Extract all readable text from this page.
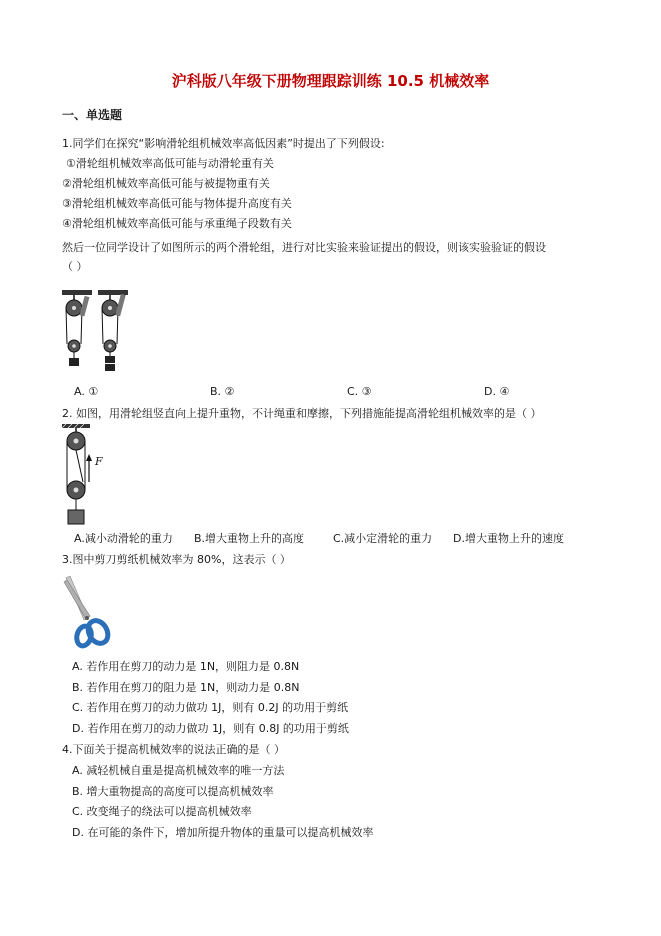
沪科版八年级下册物理跟踪训练 10.5 机械效率
一、单选题
1.同学们在探究“影响滑轮组机械效率高低因素”时提出了下列假设:
①滑轮组机械效率高低可能与动滑轮重有关
②滑轮组机械效率高低可能与被提物重有关
③滑轮组机械效率高低可能与物体提升高度有关
④滑轮组机械效率高低可能与承重绳子段数有关
然后一位同学设计了如图所示的两个滑轮组，进行对比实验来验证提出的假设，则该实验验证的假设
（ ）
A. ①	B. ②	C. ③	D. ④
2. 如图，用滑轮组竖直向上提升重物，不计绳重和摩擦，下列措施能提高滑轮组机械效率的是（ ）
F
A.减小动滑轮的重力 B.增大重物上升的高度	C.减小定滑轮的重力 D.增大重物上升的速度
3.图中剪刀剪纸机械效率为 80%，这表示（ ）
A. 若作用在剪刀的动力是 1N，则阻力是 0.8N
B. 若作用在剪刀的阻力是 1N，则动力是 0.8N
C. 若作用在剪刀的动力做功 1J，则有 0.2J 的功用于剪纸
D. 若作用在剪刀的动力做功 1J，则有 0.8J 的功用于剪纸
4.下面关于提高机械效率的说法正确的是（ ）
A. 减轻机械自重是提高机械效率的唯一方法
B. 增大重物提高的高度可以提高机械效率
C. 改变绳子的绕法可以提高机械效率
D. 在可能的条件下，增加所提升物体的重量可以提高机械效率
